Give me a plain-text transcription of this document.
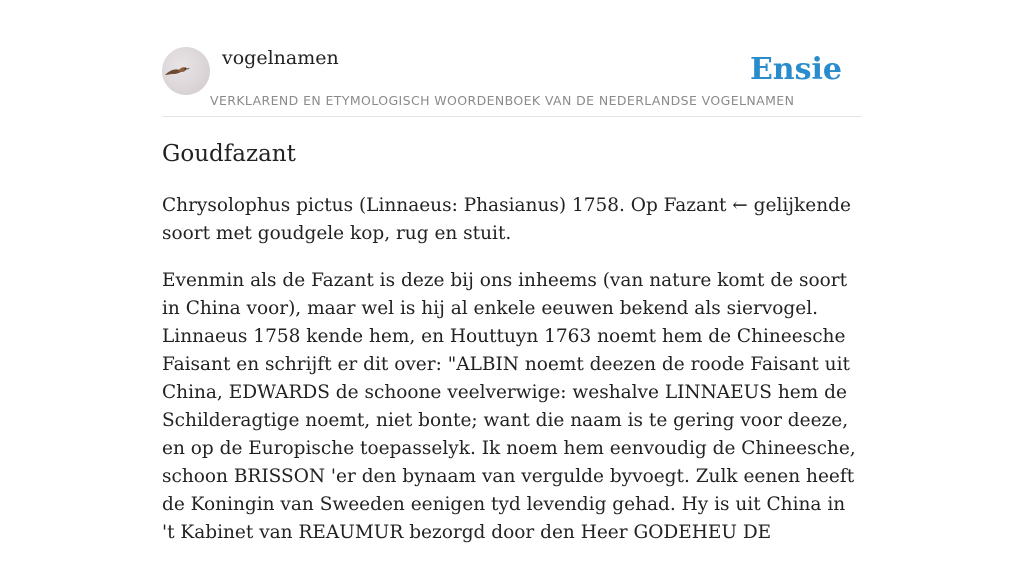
vogelnamen
VERKLAREND EN ETYMOLOGISCH WOORDENBOEK VAN DE NEDERLANDSE VOGELNAMEN
Ensie
Goudfazant

Chrysolophus pictus (Linnaeus: Phasianus) 1758. Op Fazant ← gelijkende soort met goudgele kop, rug en stuit.

Evenmin als de Fazant is deze bij ons inheems (van nature komt de soort in China voor), maar wel is hij al enkele eeuwen bekend als siervogel. Linnaeus 1758 kende hem, en Houttuyn 1763 noemt hem de Chineesche Faisant en schrijft er dit over: "ALBIN noemt deezen de roode Faisant uit China, EDWARDS de schoone veelverwige: weshalve LINNAEUS hem de Schilderagtige noemt, niet bonte; want die naam is te gering voor deeze, en op de Europische toepasselyk. Ik noem hem eenvoudig de Chineesche, schoon BRISSON 'er den bynaam van vergulde byvoegt. Zulk eenen heeft de Koningin van Sweeden eenigen tyd levendig gehad. Hy is uit China in 't Kabinet van REAUMUR bezorgd door den Heer GODEHEU DE
